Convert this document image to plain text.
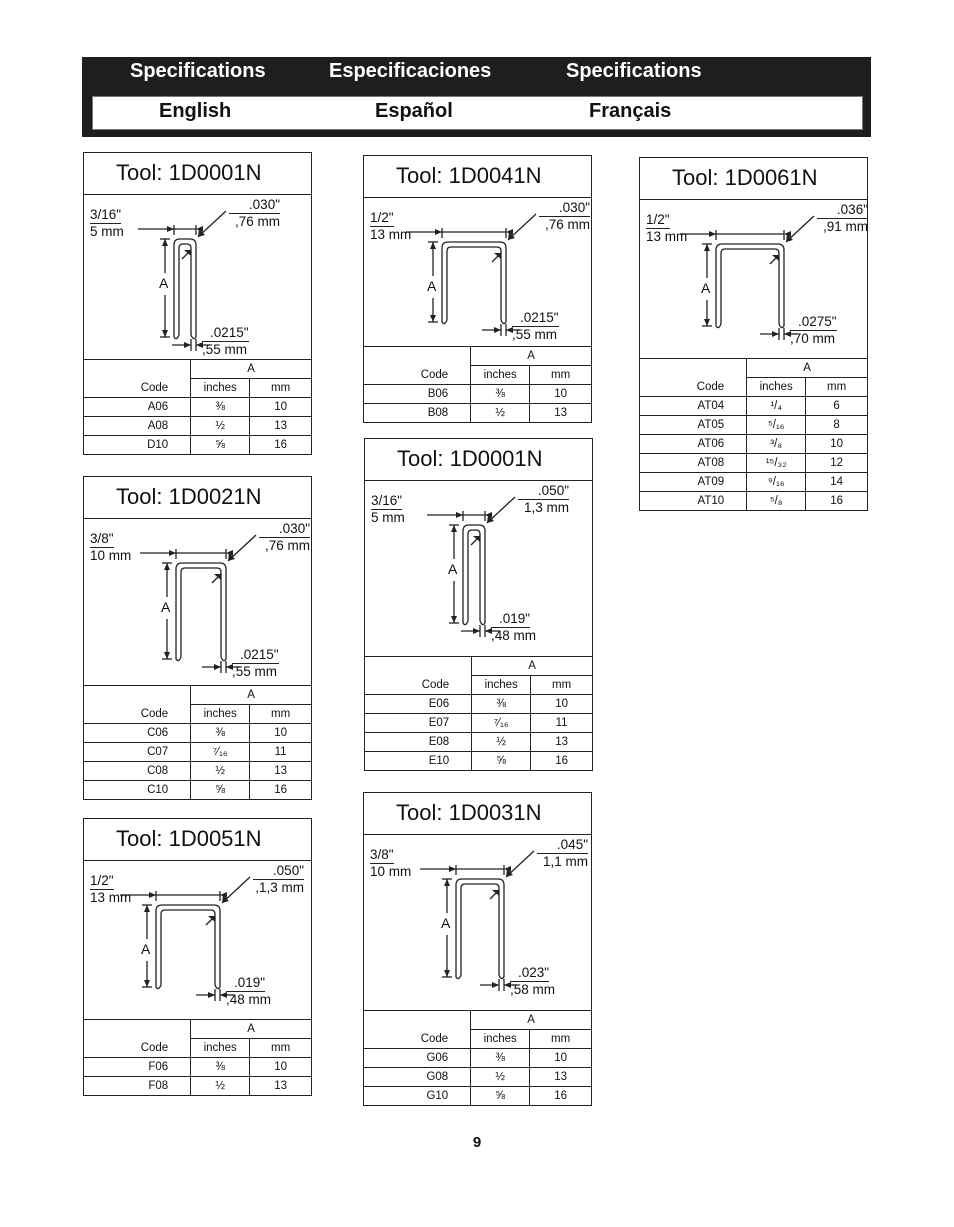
Specifications	Especificaciones	Specifications
English	Español	Français
Tool: 1D0001N
3/16"
5 mm
.030"
,76 mm
A
.0215"
,55 mm
	A	
Code	inches	mm
A06	⅜	10
A08	½	13
D10	⅝	16
Tool: 1D0021N
3/8"
10 mm
.030"
,76 mm
A
.0215"
,55 mm
	A	
Code	inches	mm
C06	⅜	10
C07	⁷⁄₁₆	11
C08	½	13
C10	⅝	16
Tool: 1D0051N
1/2"
13 mm
.050"
,1,3 mm
A
.019"
,48 mm
	A	
Code	inches	mm
F06	⅜	10
F08	½	13
Tool: 1D0041N
1/2"
13 mm
.030"
,76 mm
A
.0215"
,55 mm
	A	
Code	inches	mm
B06	⅜	10
B08	½	13
Tool: 1D0001N
3/16"
5 mm
.050"
1,3 mm
A
.019"
,48 mm
	A	
Code	inches	mm
E06	⅜	10
E07	⁷⁄₁₆	11
E08	½	13
E10	⅝	16
Tool: 1D0031N
3/8"
10 mm
.045"
1,1 mm
A
.023"
,58 mm
	A	
Code	inches	mm
G06	⅜	10
G08	½	13
G10	⅝	16
Tool: 1D0061N
1/2"
13 mm
.036"
,91 mm
A
.0275"
,70 mm
	A	
Code	inches	mm
AT04	¹/₄	6
AT05	⁵/₁₆	8
AT06	³/₈	10
AT08	¹⁵/₃₂	12
AT09	⁹/₁₆	14
AT10	⁵/₈	16
9
